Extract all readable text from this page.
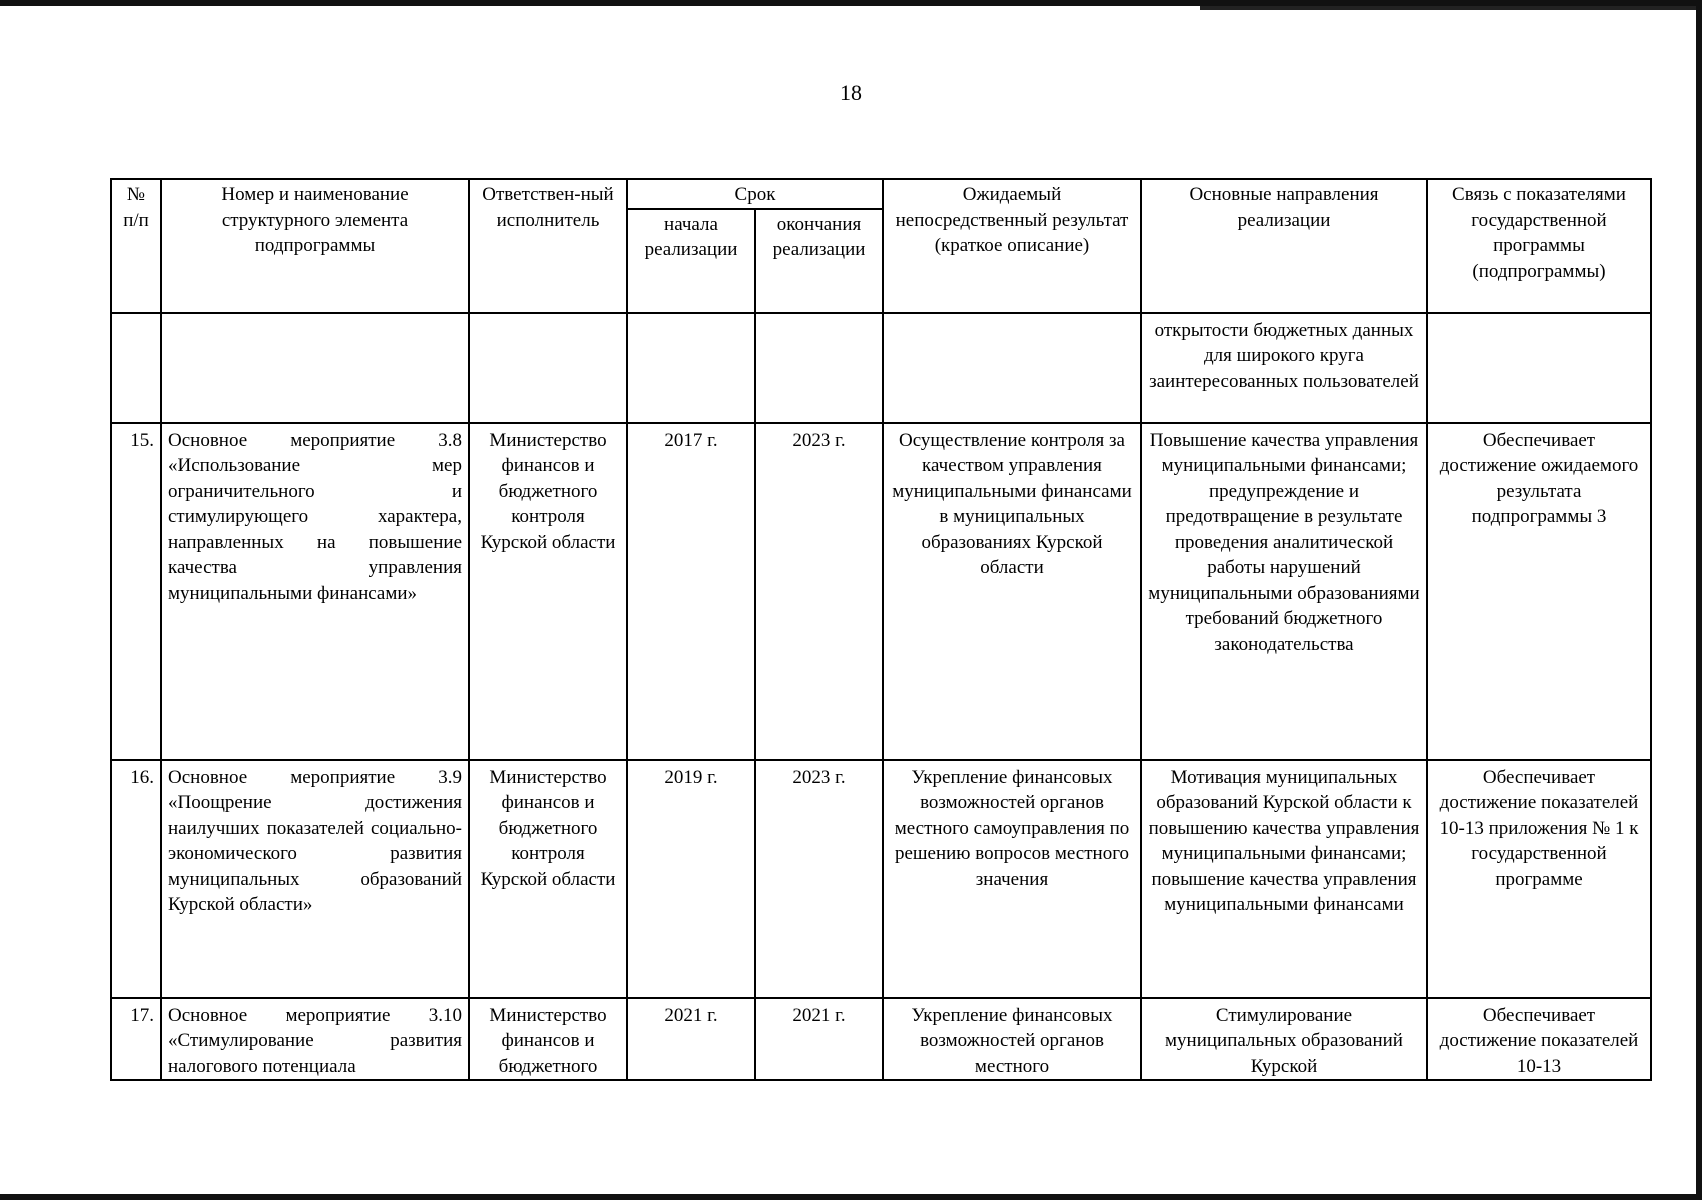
18
№ п/п	Номер и наименование структурного элемента подпрограммы	Ответствен-ный исполнитель	Срок		Ожидаемый непосредственный результат (краткое описание)	Основные направления реализации	Связь с показателями государственной программы (подпрограммы)
			начала реализации	окончания реализации			
						открытости бюджетных данных для широкого круга заинтересованных пользователей	
15.	Основное мероприятие 3.8 «Использование мер ограничительного и стимулирующего характера, направленных на повышение качества управления муниципальными финансами»	Министерство финансов и бюджетного контроля Курской области	2017 г.	2023 г.	Осуществление контроля за качеством управления муниципальными финансами в муниципальных образованиях Курской области	Повышение качества управления муниципальными финансами; предупреждение и предотвращение в результате проведения аналитической работы нарушений муниципальными образованиями требований бюджетного законодательства	Обеспечивает достижение ожидаемого результата подпрограммы 3
16.	Основное мероприятие 3.9 «Поощрение достижения наилучших показателей социально-экономического развития муниципальных образований Курской области»	Министерство финансов и бюджетного контроля Курской области	2019 г.	2023 г.	Укрепление финансовых возможностей органов местного самоуправления по решению вопросов местного значения	Мотивация муниципальных образований Курской области к повышению качества управления муниципальными финансами; повышение качества управления муниципальными финансами	Обеспечивает достижение показателей 10-13 приложения № 1 к государственной программе
17.	Основное мероприятие 3.10 «Стимулирование развития налогового потенциала	Министерство финансов и бюджетного	2021 г.	2021 г.	Укрепление финансовых возможностей органов местного	Стимулирование муниципальных образований Курской	Обеспечивает достижение показателей 10-13
